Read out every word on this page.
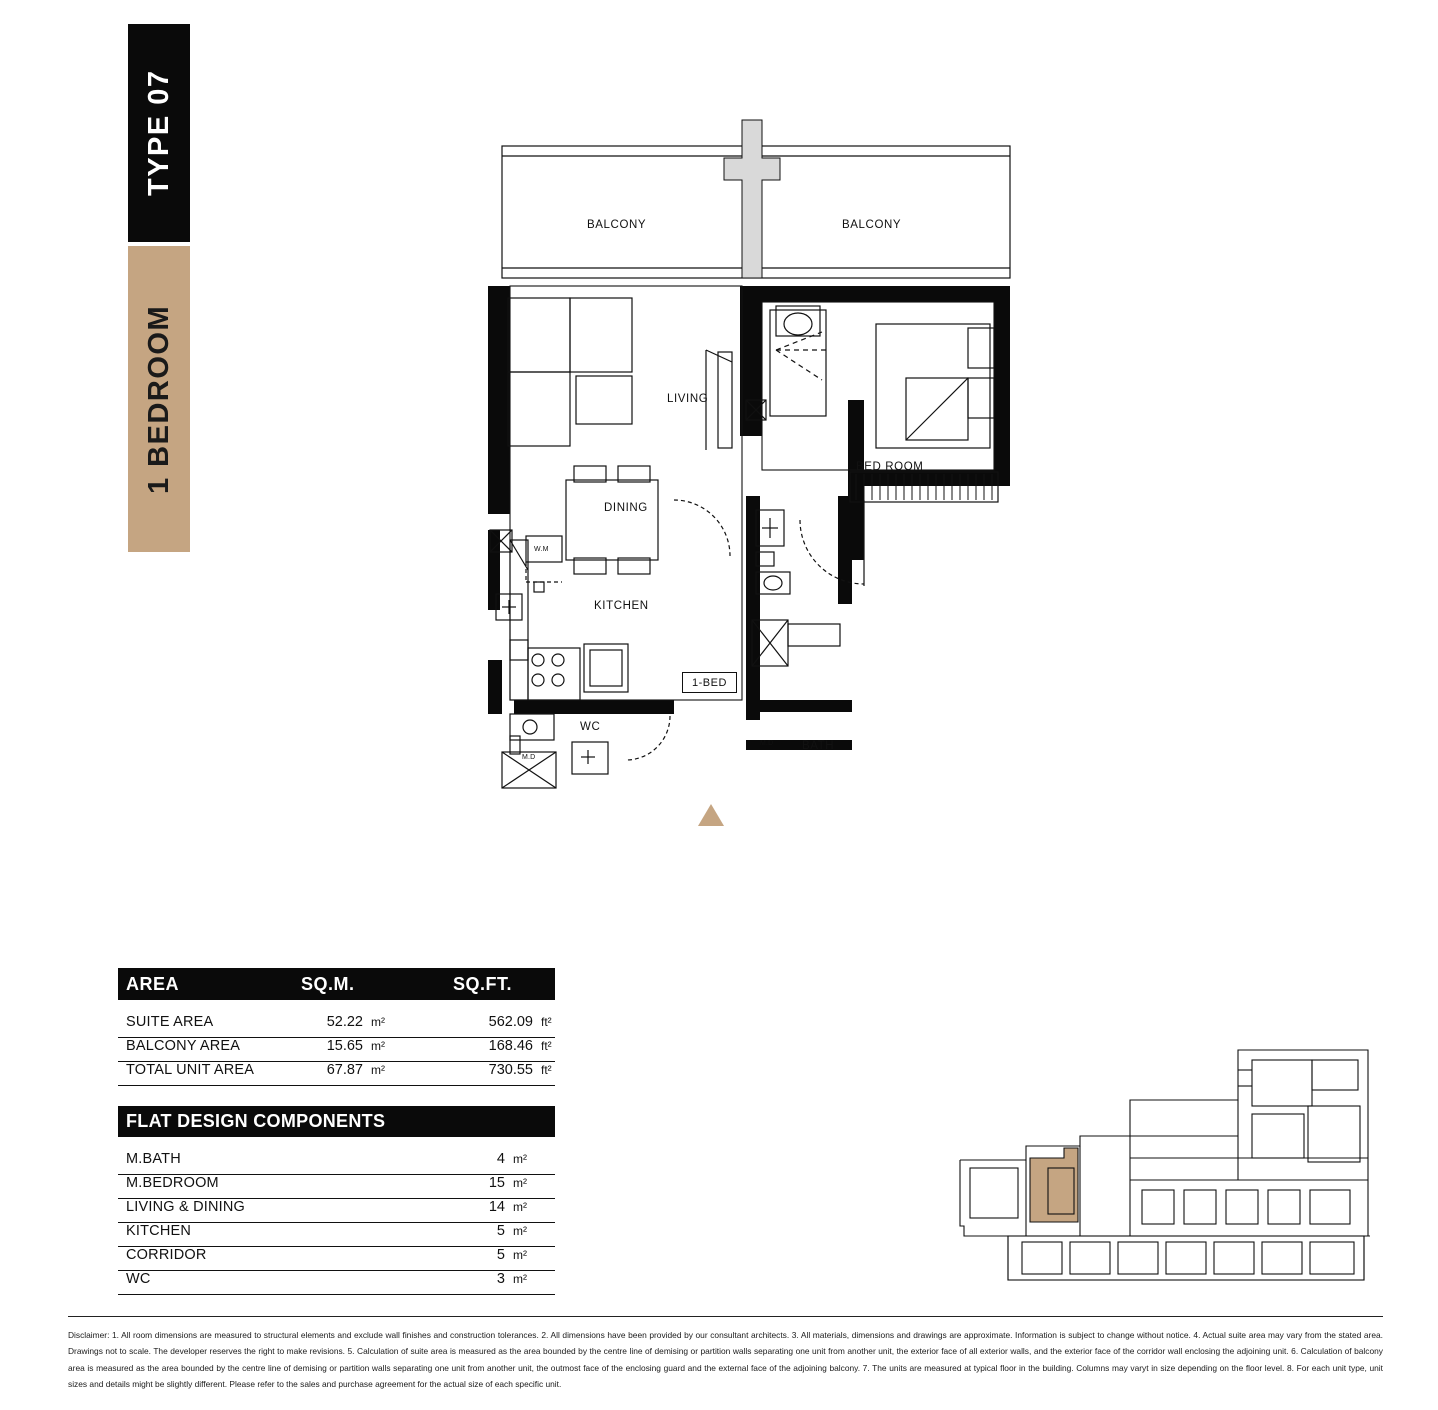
TYPE 07
1 BEDROOM
BALCONY	BALCONY
LIVING
DINING
KITCHEN
BED ROOM
BATH
WC
W.M
M.D
M.D
1-BED
AREA	SQ.M.	SQ.FT.
SUITE AREA	52.22 m²	562.09 ft²
BALCONY AREA	15.65 m²	168.46 ft²
TOTAL UNIT AREA	67.87 m²	730.55 ft²
FLAT DESIGN COMPONENTS
M.BATH	4 m²
M.BEDROOM	15 m²
LIVING & DINING	14 m²
KITCHEN	5 m²
CORRIDOR	5 m²
WC	3 m²
Disclaimer: 1. All room dimensions are measured to structural elements and exclude wall finishes and construction tolerances. 2. All dimensions have been provided by our consultant architects. 3. All materials, dimensions and drawings are approximate. Information is subject to change without notice. 4. Actual suite area may vary from the stated area. Drawings not to scale. The developer reserves the right to make revisions. 5. Calculation of suite area is measured as the area bounded by the centre line of demising or partition walls separating one unit from another unit, the exterior face of all exterior walls, and the exterior face of the corridor wall enclosing the adjoining unit. 6. Calculation of balcony area is measured as the area bounded by the centre line of demising or partition walls separating one unit from another unit, the outmost face of the enclosing guard and the external face of the adjoining balcony. 7. The units are measured at typical floor in the building. Columns may varyt in size depending on the floor level. 8. For each unit type, unit sizes and details might be slightly different. Please refer to the sales and purchase agreement for the actual size of each specific unit.
